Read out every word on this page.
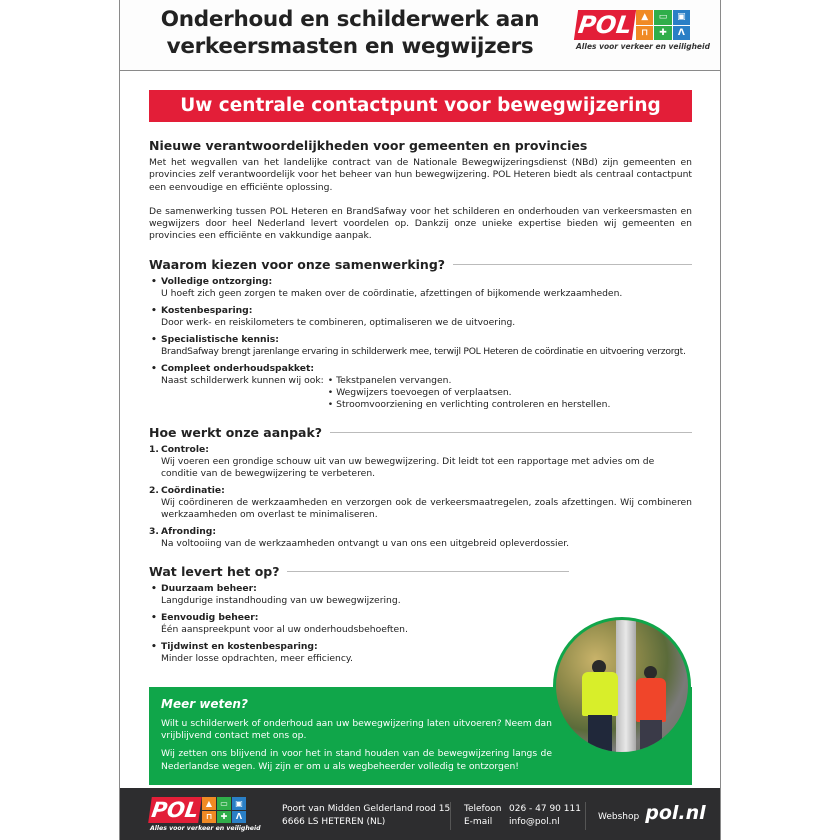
Onderhoud en schilderwerk aan
verkeersmasten en wegwijzers
POL ▲	▭	▣
⊓	✚	Λ
Alles voor verkeer en veiligheid
Uw centrale contactpunt voor bewegwijzering
Nieuwe verantwoordelijkheden voor gemeenten en provincies

Met het wegvallen van het landelijke contract van de Nationale Bewegwijzeringsdienst (NBd) zijn gemeenten en provincies zelf verantwoordelijk voor het beheer van hun bewegwijzering. POL Heteren biedt als centraal contactpunt een eenvoudige en efficiënte oplossing.

De samenwerking tussen POL Heteren en BrandSafway voor het schilderen en onderhouden van verkeersmasten en wegwijzers door heel Nederland levert voordelen op. Dankzij onze unieke expertise bieden wij gemeenten en provincies een efficiënte en vakkundige aanpak.

Waarom kiezen voor onze samenwerking?
• Volledige ontzorging:
U hoeft zich geen zorgen te maken over de coördinatie, afzettingen of bijkomende werkzaamheden.
• Kostenbesparing:
Door werk- en reiskilometers te combineren, optimaliseren we de uitvoering.
• Specialistische kennis:
BrandSafway brengt jarenlange ervaring in schilderwerk mee, terwijl POL Heteren de coördinatie en uitvoering verzorgt.
• Compleet onderhoudspakket:
Naast schilderwerk kunnen wij ook:	• Tekstpanelen vervangen.
• Wegwijzers toevoegen of verplaatsen.
• Stroomvoorziening en verlichting controleren en herstellen.
Hoe werkt onze aanpak?
1. Controle:
Wij voeren een grondige schouw uit van uw bewegwijzering. Dit leidt tot een rapportage met advies om de conditie van de bewegwijzering te verbeteren.
2. Coördinatie:
Wij coördineren de werkzaamheden en verzorgen ook de verkeersmaatregelen, zoals afzettingen. Wij combineren werkzaamheden om overlast te minimaliseren.
3. Afronding:
Na voltooiing van de werkzaamheden ontvangt u van ons een uitgebreid opleverdossier.
Wat levert het op?
• Duurzaam beheer:
Langdurige instandhouding van uw bewegwijzering.
• Eenvoudig beheer:
Één aanspreekpunt voor al uw onderhoudsbehoeften.
• Tijdwinst en kostenbesparing:
Minder losse opdrachten, meer efficiency.
Meer weten?

Wilt u schilderwerk of onderhoud aan uw bewegwijzering laten uitvoeren? Neem dan vrijblijvend contact met ons op.

Wij zetten ons blijvend in voor het in stand houden van de bewegwijzering langs de Nederlandse wegen. Wij zijn er om u als wegbeheerder volledig te ontzorgen!

POL ▲	▭ ▣
⊓	✚	Λ
Alles voor verkeer en veiligheid
Poort van Midden Gelderland rood 15
6666 LS HETEREN (NL)
Telefoon 026 - 47 90 111
E-mail	info@pol.nl	Webshop pol.nl
